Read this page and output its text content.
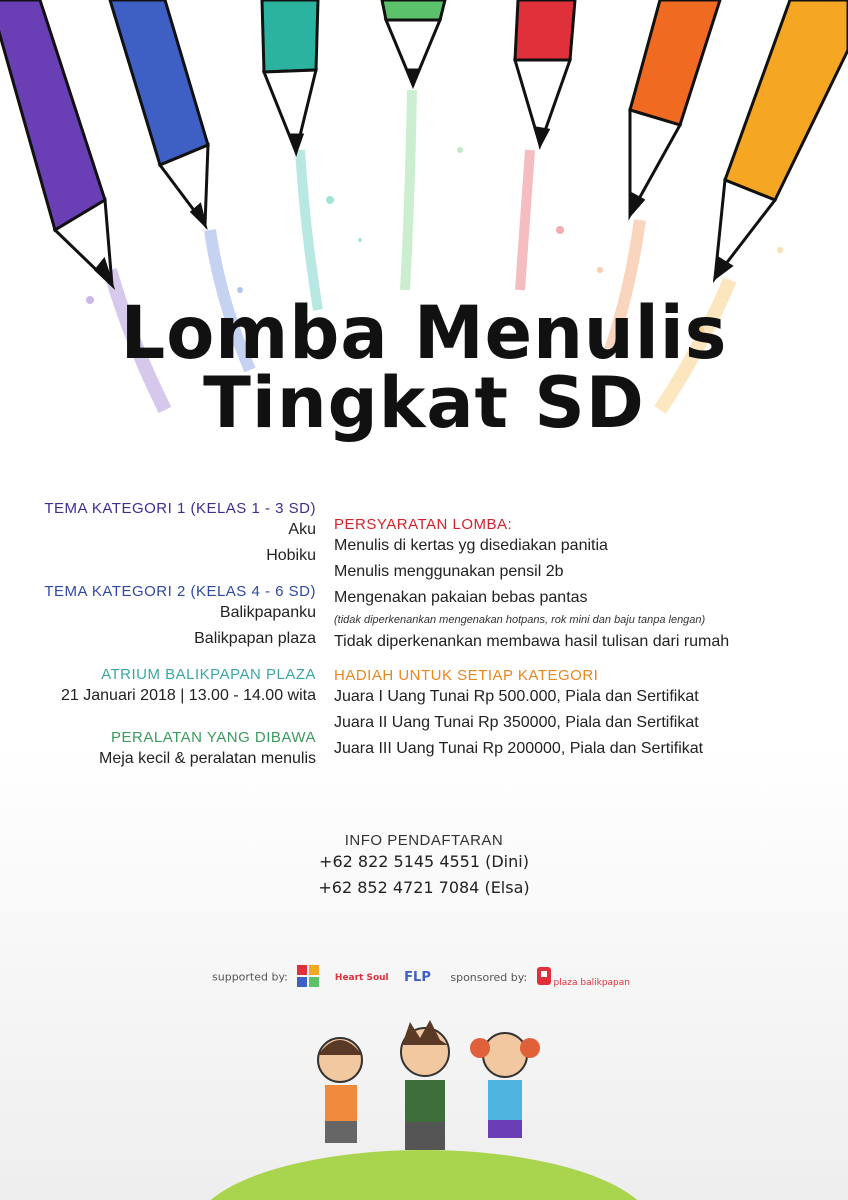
Lomba Menulis
Tingkat SD
TEMA KATEGORI 1 (KELAS 1 - 3 SD)
Aku
Hobiku
TEMA KATEGORI 2 (KELAS 4 - 6 SD)
Balikpapanku
Balikpapan plaza
ATRIUM BALIKPAPAN PLAZA
21 Januari 2018 | 13.00 - 14.00 wita
PERALATAN YANG DIBAWA
Meja kecil & peralatan menulis
PERSYARATAN LOMBA:
Menulis di kertas yg disediakan panitia
Menulis menggunakan pensil 2b
Mengenakan pakaian bebas pantas
(tidak diperkenankan mengenakan hotpans, rok mini dan baju tanpa lengan)
Tidak diperkenankan membawa hasil tulisan dari rumah
HADIAH UNTUK SETIAP KATEGORI
Juara I Uang Tunai Rp 500.000, Piala dan Sertifikat
Juara II Uang Tunai Rp 350000, Piala dan Sertifikat
Juara III Uang Tunai Rp 200000, Piala dan Sertifikat
INFO PENDAFTARAN
+62 822 5145 4551 (Dini)
+62 852 4721 7084 (Elsa)
supported by:	Heart Soul FLP sponsored by:	plaza balikpapan
